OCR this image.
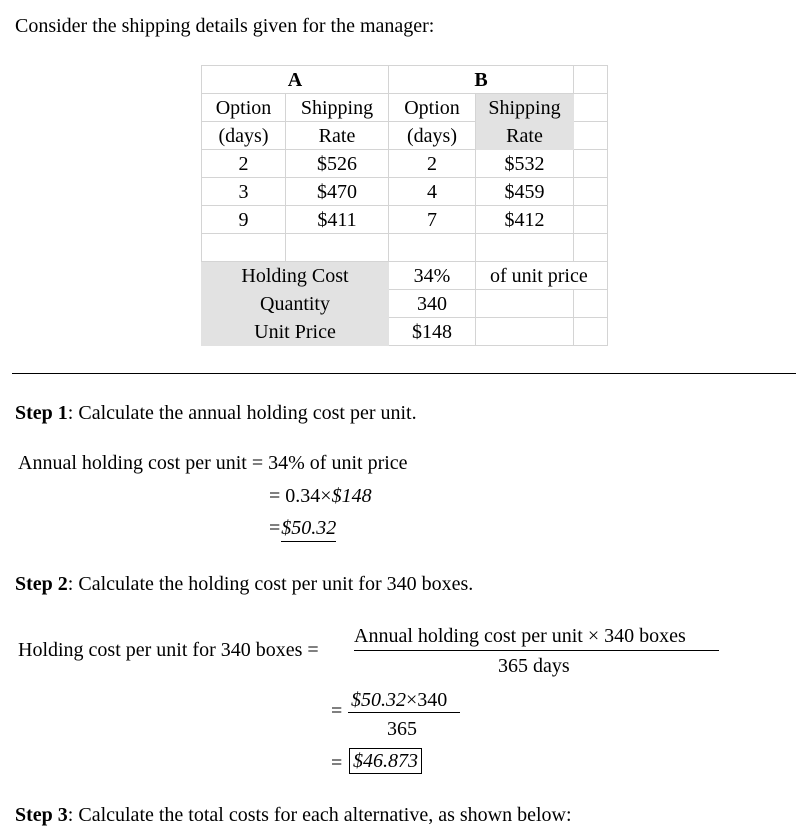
Consider the shipping details given for the manager:
A		B		
Option	Shipping	Option	Shipping	
(days)	Rate	(days)	Rate	
2	$526	2	$532	
3	$470	4	$459	
9	$411	7	$412	

Holding Cost		34%	of unit price	
Quantity		340		
Unit Price		$148		
Step 1: Calculate the annual holding cost per unit.
Annual holding cost per unit = 34% of unit price
= 0.34×$148
= $50.32
Step 2: Calculate the holding cost per unit for 340 boxes.
Holding cost per unit for 340 boxes =
Annual holding cost per unit × 340 boxes
365 days
= $50.32×340
365
= $46.873
Step 3: Calculate the total costs for each alternative, as shown below:
